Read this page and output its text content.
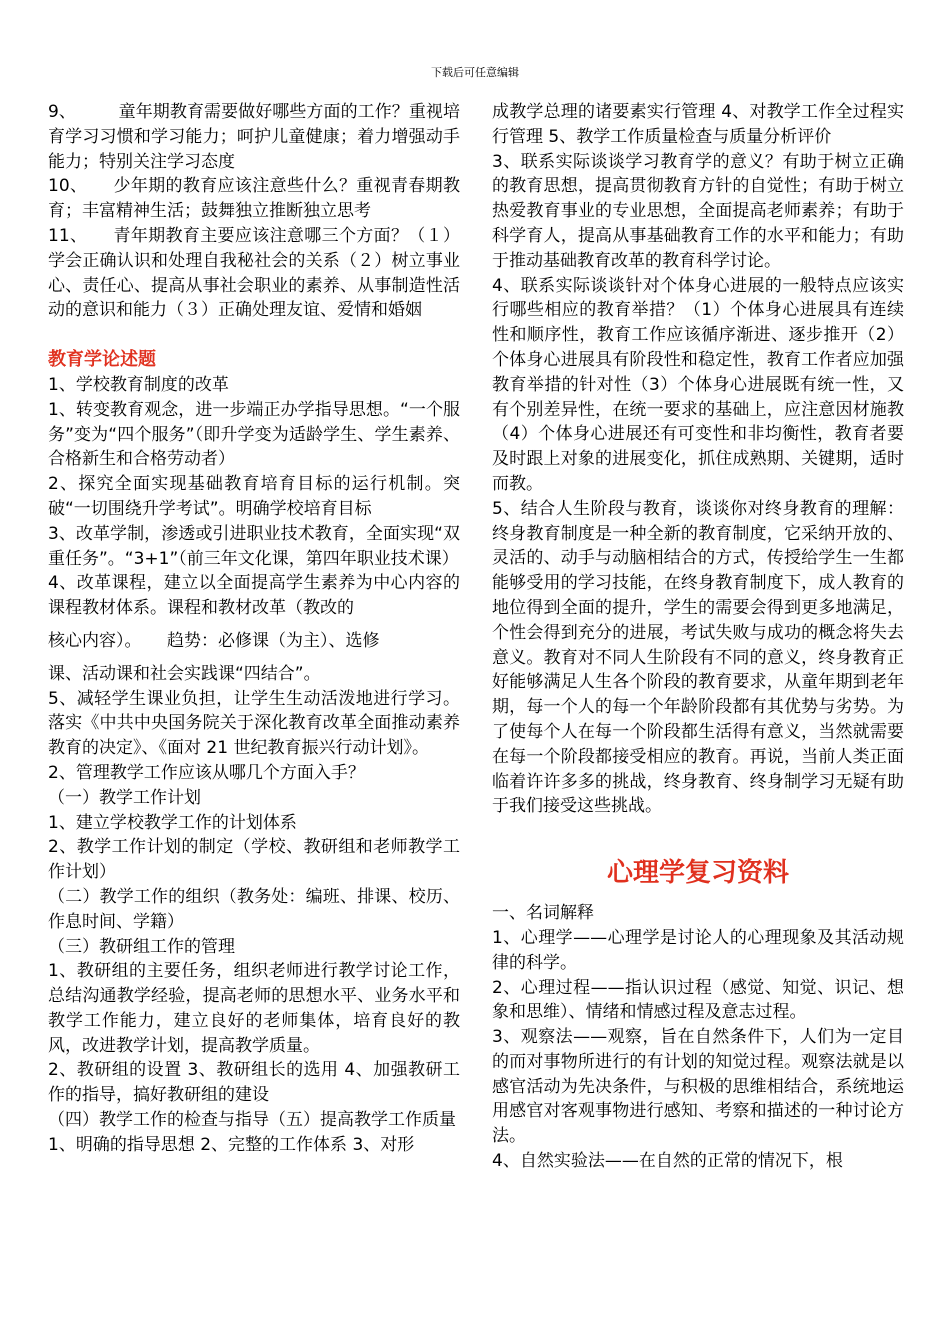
下载后可任意编辑

9、　　　童年期教育需要做好哪些方面的工作？重视培育学习习惯和学习能力；呵护儿童健康；着力增强动手能力；特别关注学习态度

10、　　少年期的教育应该注意些什么？重视青春期教育；丰富精神生活；鼓舞独立推断独立思考

11、　　青年期教育主要应该注意哪三个方面？（１）学会正确认识和处理自我秘社会的关系（２）树立事业心、责任心、提高从事社会职业的素养、从事制造性活动的意识和能力（３）正确处理友谊、爱情和婚姻

教育学论述题

1、学校教育制度的改革

1、转变教育观念，进一步端正办学指导思想。“一个服务”变为“四个服务”（即升学变为适龄学生、学生素养、合格新生和合格劳动者）

2、探究全面实现基础教育培育目标的运行机制。突破“一切围绕升学考试”。明确学校培育目标

3、改革学制，渗透或引进职业技术教育，全面实现“双重任务”。“3+1”（前三年文化课，第四年职业技术课）

4、改革课程，建立以全面提高学生素养为中心内容的课程教材体系。课程和教材改革（教改的

核心内容）。　　趋势：必修课（为主）、选修

课、活动课和社会实践课“四结合”。

5、减轻学生课业负担，让学生生动活泼地进行学习。落实《中共中央国务院关于深化教育改革全面推动素养教育的决定》、《面对 21 世纪教育振兴行动计划》。

2、管理教学工作应该从哪几个方面入手？

（一）教学工作计划

1、建立学校教学工作的计划体系

2、教学工作计划的制定（学校、教研组和老师教学工作计划）

（二）教学工作的组织（教务处：编班、排课、校历、作息时间、学籍）

（三）教研组工作的管理

1、教研组的主要任务，组织老师进行教学讨论工作，总结沟通教学经验，提高老师的思想水平、业务水平和教学工作能力，建立良好的老师集体，培育良好的教风，改进教学计划，提高教学质量。

2、教研组的设置 3、教研组长的选用 4、加强教研工作的指导，搞好教研组的建设

（四）教学工作的检查与指导（五）提高教学工作质量

1、明确的指导思想 2、完整的工作体系 3、对形

成教学总理的诸要素实行管理 4、对教学工作全过程实行管理 5、教学工作质量检查与质量分析评价

3、联系实际谈谈学习教育学的意义？有助于树立正确的教育思想，提高贯彻教育方针的自觉性；有助于树立热爱教育事业的专业思想，全面提高老师素养；有助于科学育人，提高从事基础教育工作的水平和能力；有助于推动基础教育改革的教育科学讨论。

4、联系实际谈谈针对个体身心进展的一般特点应该实行哪些相应的教育举措？（1）个体身心进展具有连续性和顺序性，教育工作应该循序渐进、逐步推开（2）个体身心进展具有阶段性和稳定性，教育工作者应加强教育举措的针对性（3）个体身心进展既有统一性，又有个别差异性，在统一要求的基础上，应注意因材施教（4）个体身心进展还有可变性和非均衡性，教育者要及时跟上对象的进展变化，抓住成熟期、关键期，适时而教。

5、结合人生阶段与教育，谈谈你对终身教育的理解：终身教育制度是一种全新的教育制度，它采纳开放的、灵活的、动手与动脑相结合的方式，传授给学生一生都能够受用的学习技能，在终身教育制度下，成人教育的地位得到全面的提升，学生的需要会得到更多地满足，个性会得到充分的进展，考试失败与成功的概念将失去意义。教育对不同人生阶段有不同的意义，终身教育正好能够满足人生各个阶段的教育要求，从童年期到老年期，每一个人的每一个年龄阶段都有其优势与劣势。为了使每个人在每一个阶段都生活得有意义，当然就需要在每一个阶段都接受相应的教育。再说，当前人类正面临着许许多多的挑战，终身教育、终身制学习无疑有助于我们接受这些挑战。

心理学复习资料

一、名词解释

1、心理学——心理学是讨论人的心理现象及其活动规律的科学。

2、心理过程——指认识过程（感觉、知觉、识记、想象和思维）、情绪和情感过程及意志过程。

3、观察法——观察，旨在自然条件下，人们为一定目的而对事物所进行的有计划的知觉过程。观察法就是以感官活动为先决条件，与积极的思维相结合，系统地运用感官对客观事物进行感知、考察和描述的一种讨论方法。

4、自然实验法——在自然的正常的情况下，根
